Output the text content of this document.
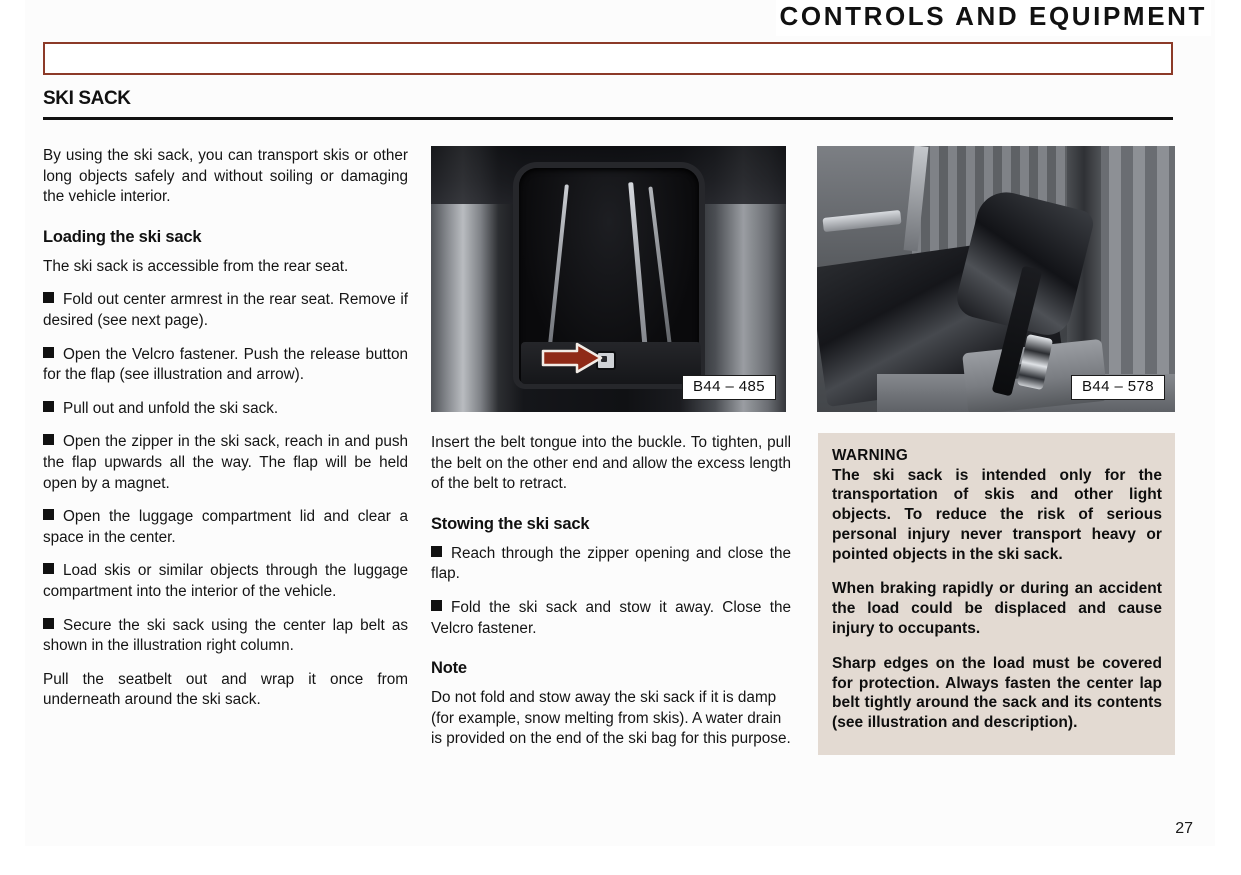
CONTROLS AND EQUIPMENT
SKI SACK

By using the ski sack, you can transport skis or other long objects safely and without soiling or damaging the vehicle interior.

Loading the ski sack

The ski sack is accessible from the rear seat.

Fold out center armrest in the rear seat. Remove if desired (see next page).

Open the Velcro fastener. Push the release button for the flap (see illustration and arrow).

Pull out and unfold the ski sack.

Open the zipper in the ski sack, reach in and push the flap upwards all the way. The flap will be held open by a magnet.

Open the luggage compartment lid and clear a space in the center.

Load skis or similar objects through the luggage compartment into the interior of the vehicle.

Secure the ski sack using the center lap belt as shown in the illustration right column.

Pull the seatbelt out and wrap it once from underneath around the ski sack.

B44 – 485	B44 – 578

Insert the belt tongue into the buckle. To tighten, pull the belt on the other end and allow the excess length of the belt to retract.

Stowing the ski sack

Reach through the zipper opening and close the flap.

Fold the ski sack and stow it away. Close the Velcro fastener.

Note

Do not fold and stow away the ski sack if it is damp (for example, snow melting from skis). A water drain is provided on the end of the ski bag for this purpose.

WARNING

The ski sack is intended only for the transportation of skis and other light objects. To reduce the risk of serious personal injury never transport heavy or pointed objects in the ski sack.

When braking rapidly or during an accident the load could be displaced and cause injury to occupants.

Sharp edges on the load must be covered for protection. Always fasten the center lap belt tightly around the sack and its contents (see illustration and description).

27
